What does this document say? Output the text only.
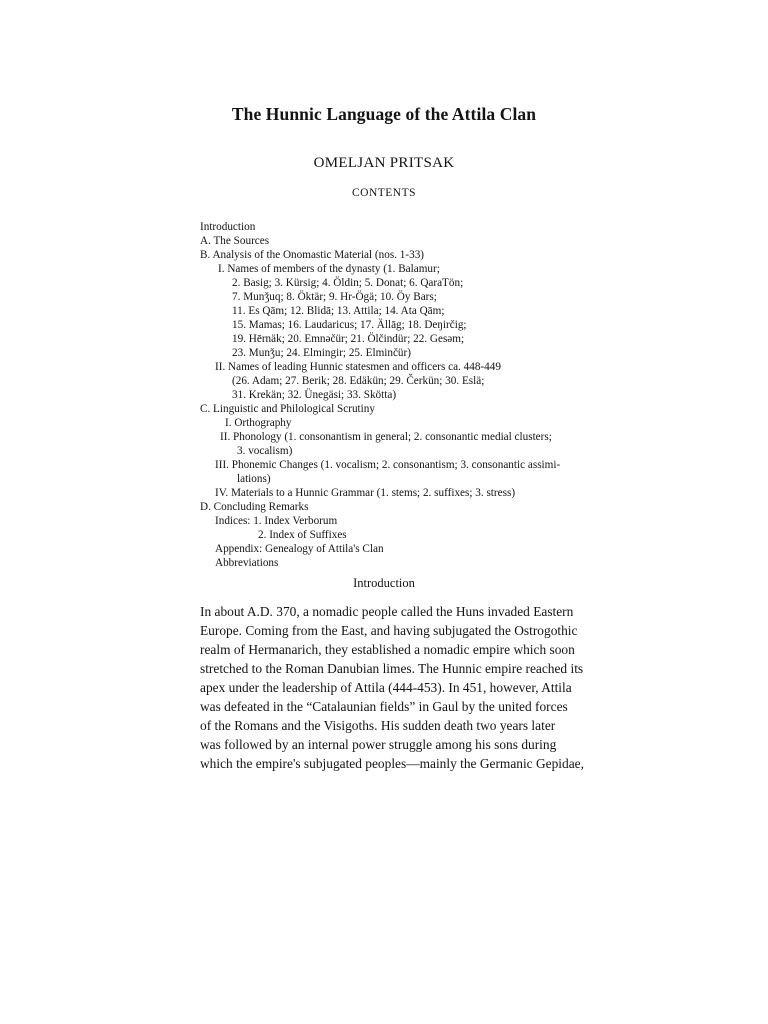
The Hunnic Language of the Attila Clan
OMELJAN PRITSAK
CONTENTS
Introduction
A. The Sources
B. Analysis of the Onomastic Material (nos. 1-33)
I. Names of members of the dynasty (1. Balamur;
2. Basig; 3. Kürsig; 4. Öldin; 5. Donat; 6. QaraTön;
7. Munǯuq; 8. Öktär; 9. Hr-Ögä; 10. Öy Bars;
11. Es Qām; 12. Blidā; 13. Attila; 14. Ata Qām;
15. Mamas; 16. Laudaricus; 17. Ällāg; 18. Deŋirčig;
19. Hērnäk; 20. Emnəčür; 21. Ölčindür; 22. Gesəm;
23. Munǯu; 24. Elmingir; 25. Elminčür)
II. Names of leading Hunnic statesmen and officers ca. 448-449
(26. Adam; 27. Berik; 28. Edäkün; 29. Čerkün; 30. Eslä;
31. Krekän; 32. Ünegäsi; 33. Skötta)
C. Linguistic and Philological Scrutiny
I. Orthography
II. Phonology (1. consonantism in general; 2. consonantic medial clusters;
3. vocalism)
III. Phonemic Changes (1. vocalism; 2. consonantism; 3. consonantic assimi-
lations)
IV. Materials to a Hunnic Grammar (1. stems; 2. suffixes; 3. stress)
D. Concluding Remarks
Indices: 1. Index Verborum
2. Index of Suffixes
Appendix: Genealogy of Attila's Clan
Abbreviations
Introduction
In about A.D. 370, a nomadic people called the Huns invaded Eastern
Europe. Coming from the East, and having subjugated the Ostrogothic
realm of Hermanarich, they established a nomadic empire which soon
stretched to the Roman Danubian limes. The Hunnic empire reached its
apex under the leadership of Attila (444-453). In 451, however, Attila
was defeated in the “Catalaunian fields” in Gaul by the united forces
of the Romans and the Visigoths. His sudden death two years later
was followed by an internal power struggle among his sons during
which the empire's subjugated peoples—mainly the Germanic Gepidae,
